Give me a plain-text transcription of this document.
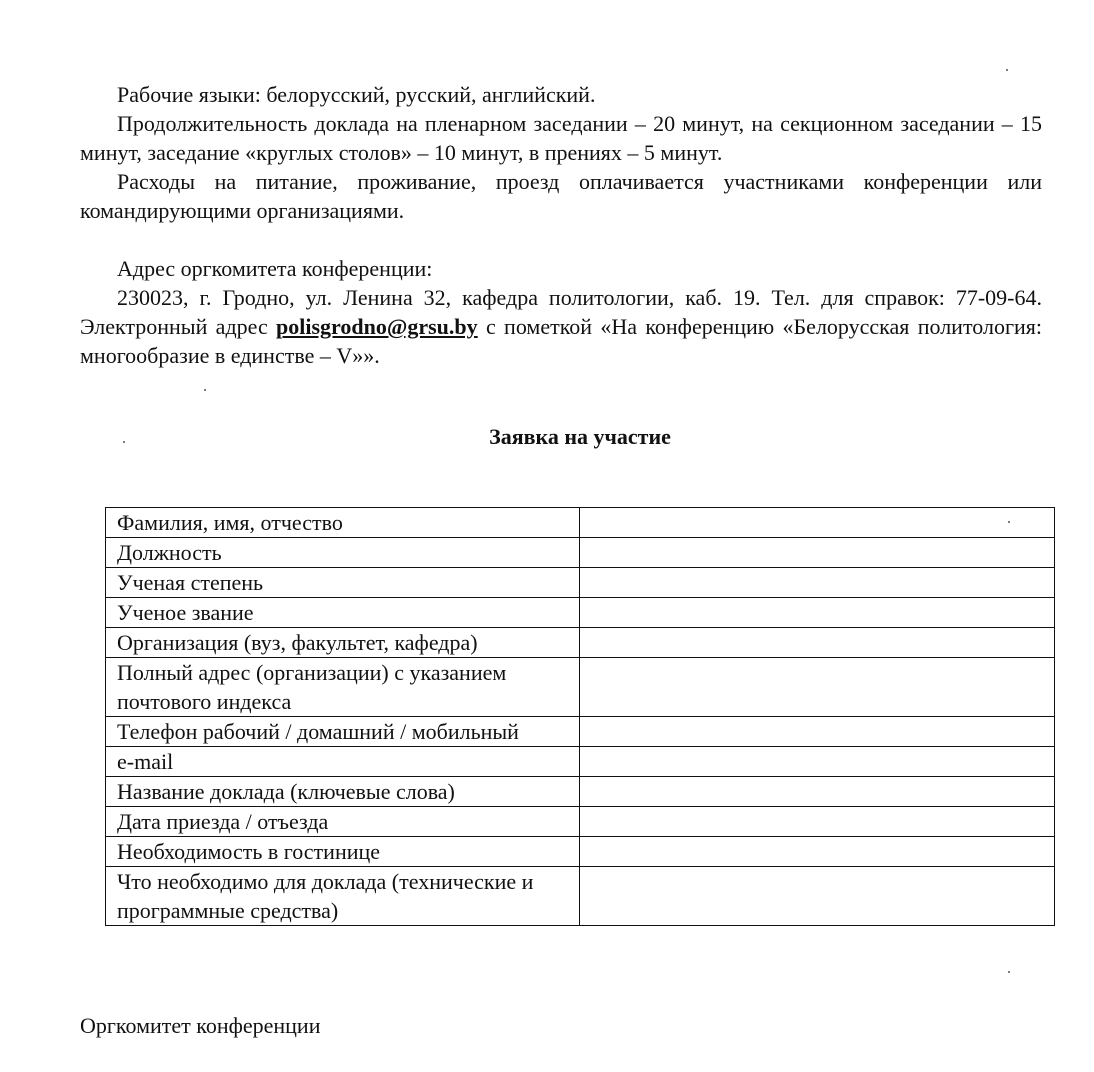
Рабочие языки: белорусский, русский, английский.

Продолжительность доклада на пленарном заседании – 20 минут, на секционном заседании – 15 минут, заседание «круглых столов» – 10 минут, в прениях – 5 минут.

Расходы на питание, проживание, проезд оплачивается участниками конференции или командирующими организациями.

Адрес оргкомитета конференции:

230023, г. Гродно, ул. Ленина 32, кафедра политологии, каб. 19. Тел. для справок: 77-09-64. Электронный адрес polisgrodno@grsu.by с пометкой «На конференцию «Белорусская политология: многообразие в единстве – V»».

Заявка на участие
Фамилия, имя, отчество	
Должность	
Ученая степень	
Ученое звание	
Организация (вуз, факультет, кафедра)	
Полный адрес (организации) с указанием почтового индекса	
Телефон рабочий / домашний / мобильный	
e-mail	
Название доклада (ключевые слова)	
Дата приезда / отъезда	
Необходимость в гостинице	
Что необходимо для доклада (технические и программные средства)	

Оргкомитет конференции
